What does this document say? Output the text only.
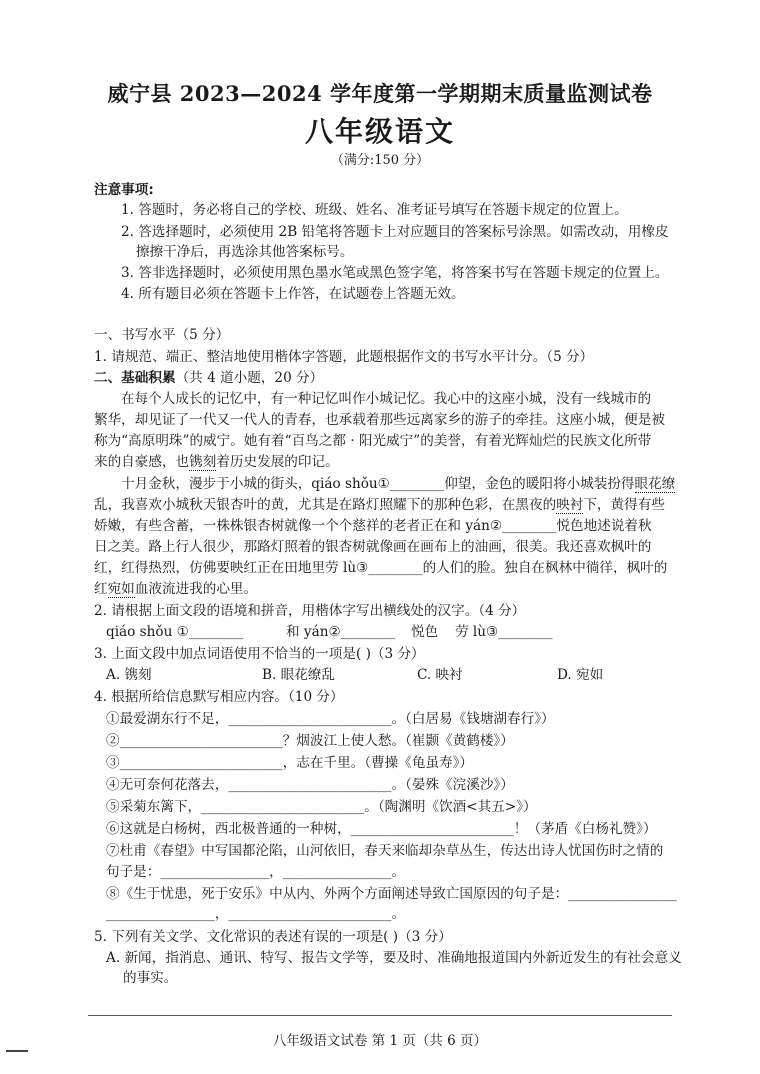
威宁县 2023—2024 学年度第一学期期末质量监测试卷
八年级语文
（满分:150 分）
注意事项:
1. 答题时，务必将自己的学校、班级、姓名、准考证号填写在答题卡规定的位置上。
2. 答选择题时，必须使用 2B 铅笔将答题卡上对应题目的答案标号涂黑。如需改动，用橡皮
擦擦干净后，再选涂其他答案标号。
3. 答非选择题时，必须使用黑色墨水笔或黑色签字笔，将答案书写在答题卡规定的位置上。
4. 所有题目必须在答题卡上作答，在试题卷上答题无效。
一、书写水平（5 分）
1. 请规范、端正、整洁地使用楷体字答题，此题根据作文的书写水平计分。（5 分）
二、基础积累（共 4 道小题，20 分）
在每个人成长的记忆中，有一种记忆叫作小城记忆。我心中的这座小城，没有一线城市的
繁华，却见证了一代又一代人的青春，也承载着那些远离家乡的游子的牵挂。这座小城，便是被
称为“高原明珠”的威宁。她有着“百鸟之都 · 阳光威宁”的美誉，有着光辉灿烂的民族文化所带
来的自豪感，也镌刻着历史发展的印记。
十月金秋，漫步于小城的街头，qiáo shǒu①________仰望，金色的暖阳将小城装扮得眼花缭
乱，我喜欢小城秋天银杏叶的黄，尤其是在路灯照耀下的那种色彩，在黑夜的映衬下，黄得有些
娇嫩，有些含蓄，一株株银杏树就像一个个慈祥的老者正在和 yán②________悦色地述说着秋
日之美。路上行人很少，那路灯照着的银杏树就像画在画布上的油画，很美。我还喜欢枫叶的
红，红得热烈，仿佛要映红正在田地里劳 lù③________的人们的脸。独自在枫林中徜徉，枫叶的
红宛如血液流进我的心里。
2. 请根据上面文段的语境和拼音，用楷体字写出横线处的汉字。（4 分）
qiáo shǒu ①________	和 yán②________ 悦色 劳 lù③________
3. 上面文段中加点词语使用不恰当的一项是( )（3 分）
A. 镌刻	B. 眼花缭乱	C. 映衬	D. 宛如
4. 根据所给信息默写相应内容。（10 分）
①最爱湖东行不足，________________________。（白居易《钱塘湖春行》）
②________________________？烟波江上使人愁。（崔颢《黄鹤楼》）
③________________________，志在千里。（曹操《龟虽寿》）
④无可奈何花落去，________________________。（晏殊《浣溪沙》）
⑤采菊东篱下，________________________。（陶渊明《饮酒<其五>》）
⑥这就是白杨树，西北极普通的一种树，________________________！（茅盾《白杨礼赞》）
⑦杜甫《春望》中写国都沦陷，山河依旧，春天来临却杂草丛生，传达出诗人忧国伤时之情的
句子是：________________，________________。
⑧《生于忧患，死于安乐》中从内、外两个方面阐述导致亡国原因的句子是：________________
________________，________________________。
5. 下列有关文学、文化常识的表述有误的一项是( )（3 分）
A. 新闻，指消息、通讯、特写、报告文学等，要及时、准确地报道国内外新近发生的有社会意义
的事实。
八年级语文试卷 第 1 页（共 6 页）
